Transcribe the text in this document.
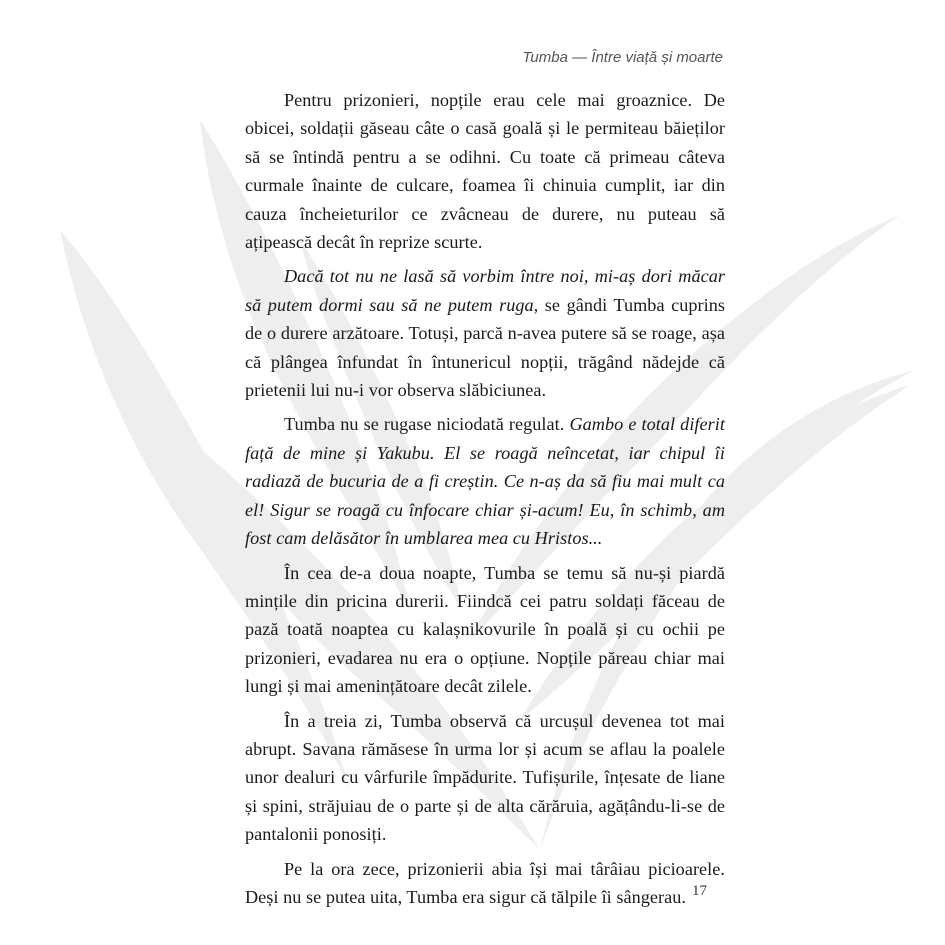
Tumba — Între viață și moarte

Pentru prizonieri, nopțile erau cele mai groaznice. De obicei, soldații găseau câte o casă goală și le permiteau băieților să se întindă pentru a se odihni. Cu toate că primeau câteva curmale înainte de culcare, foamea îi chinuia cumplit, iar din cauza încheieturilor ce zvâcneau de durere, nu puteau să ațipească decât în reprize scurte.

Dacă tot nu ne lasă să vorbim între noi, mi-aș dori măcar să putem dormi sau să ne putem ruga, se gândi Tumba cuprins de o durere arzătoare. Totuși, parcă n-avea putere să se roage, așa că plângea înfundat în întunericul nopții, trăgând nădejde că prietenii lui nu-i vor observa slăbiciunea.

Tumba nu se rugase niciodată regulat. Gambo e total diferit față de mine și Yakubu. El se roagă neîncetat, iar chipul îi radiază de bucuria de a fi creștin. Ce n-aș da să fiu mai mult ca el! Sigur se roagă cu înfocare chiar și-acum! Eu, în schimb, am fost cam delăsător în umblarea mea cu Hristos...

În cea de-a doua noapte, Tumba se temu să nu-și piardă mințile din pricina durerii. Fiindcă cei patru soldați făceau de pază toată noaptea cu kalașnikovurile în poală și cu ochii pe prizonieri, evadarea nu era o opțiune. Nopțile păreau chiar mai lungi și mai amenințătoare decât zilele.

În a treia zi, Tumba observă că urcușul devenea tot mai abrupt. Savana rămăsese în urma lor și acum se aflau la poalele unor dealuri cu vârfurile împădurite. Tufișurile, înțesate de liane și spini, străjuiau de o parte și de alta cărăruia, agățându-li-se de pantalonii ponosiți.

Pe la ora zece, prizonierii abia își mai târâiau picioarele. Deși nu se putea uita, Tumba era sigur că tălpile îi sângerau. 17
